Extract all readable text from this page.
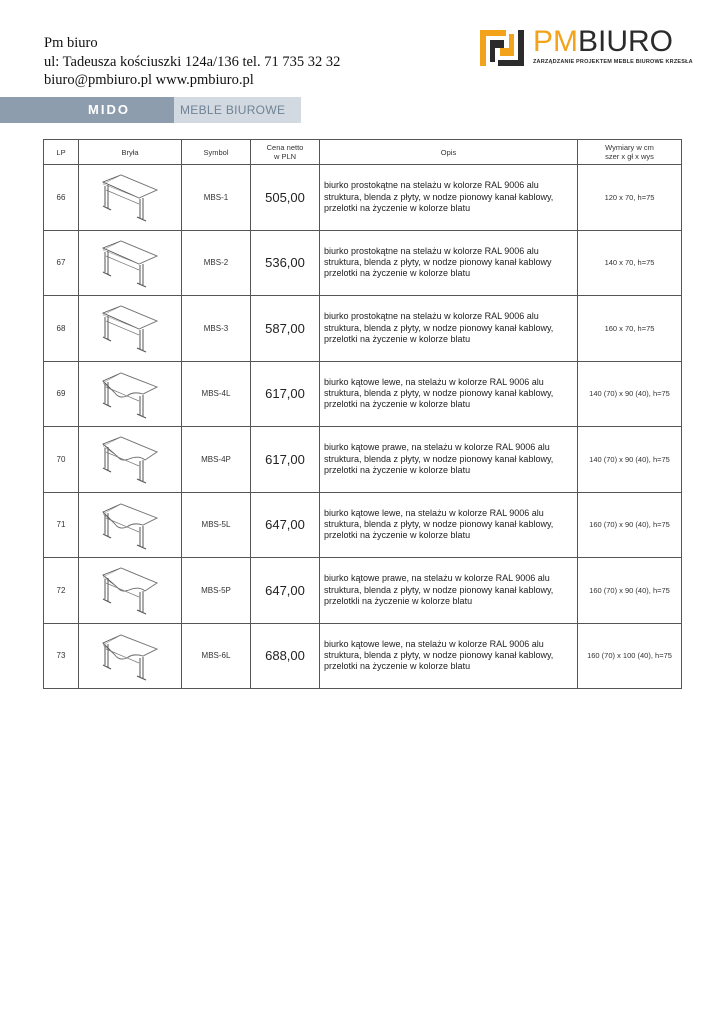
Pm biuro
ul: Tadeusza kościuszki 124a/136 tel. 71 735 32 32
biuro@pmbiuro.pl www.pmbiuro.pl
PMBIURO
ZARZĄDZANIE PROJEKTEM MEBLE BIUROWE KRZESŁA
MIDO	MEBLE BIUROWE
LP	Bryła	Symbol	Cena netto
w PLN	Opis	Wymiary w cm
szer x gł x wys
66		MBS-1	505,00	biurko prostokątne na stelażu w kolorze RAL 9006 alu
struktura, blenda z płyty, w nodze pionowy kanał kablowy,
przelotki na życzenie w kolorze blatu	120 x 70, h=75
67		MBS-2	536,00	biurko prostokątne na stelażu w kolorze RAL 9006 alu
struktura, blenda z płyty, w nodze pionowy kanał kablowy
przelotki na życzenie w kolorze blatu	140 x 70, h=75
68		MBS-3	587,00	biurko prostokątne na stelażu w kolorze RAL 9006 alu
struktura, blenda z płyty, w nodze pionowy kanał kablowy,
przelotki na życzenie w kolorze blatu	160 x 70, h=75
69		MBS-4L	617,00	biurko kątowe lewe, na stelażu w kolorze RAL 9006 alu
struktura, blenda z płyty, w nodze pionowy kanał kablowy,
przelotki na życzenie w kolorze blatu	140 (70) x 90 (40), h=75
70		MBS-4P	617,00	biurko kątowe prawe, na stelażu w kolorze RAL 9006 alu
struktura, blenda z płyty, w nodze pionowy kanał kablowy,
przelotki na życzenie w kolorze blatu	140 (70) x 90 (40), h=75
71		MBS-5L	647,00	biurko kątowe lewe, na stelażu w kolorze RAL 9006 alu
struktura, blenda z płyty, w nodze pionowy kanał kablowy,
przelotki na życzenie w kolorze blatu	160 (70) x 90 (40), h=75
72		MBS-5P	647,00	biurko kątowe prawe, na stelażu w kolorze RAL 9006 alu
struktura, blenda z płyty, w nodze pionowy kanał kablowy,
przelotkli na życzenie w kolorze blatu	160 (70) x 90 (40), h=75
73		MBS-6L	688,00	biurko kątowe lewe, na stelażu w kolorze RAL 9006 alu
struktura, blenda z płyty, w nodze pionowy kanał kablowy,
przelotki na życzenie w kolorze blatu	160 (70) x 100 (40), h=75
